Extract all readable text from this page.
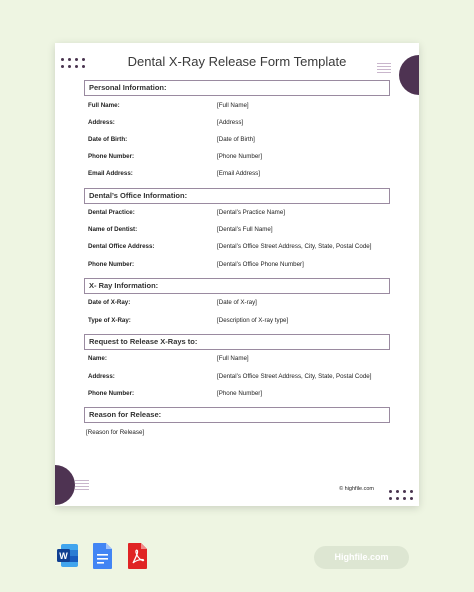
Dental X-Ray Release Form Template
Personal Information:
Full Name:	[Full Name]
Address:	[Address]
Date of Birth:	[Date of Birth]
Phone Number:	[Phone Number]
Email Address:	[Email Address]
Dental’s Office Information:
Dental Practice:	[Dental’s Practice Name]
Name of Dentist:	[Dental’s Full Name]
Dental Office Address:	[Dental’s Office Street Address, City, State, Postal Code]
Phone Number:	[Dental’s Office Phone Number]
X- Ray Information:
Date of X-Ray:	[Date of X-ray]
Type of X-Ray:	[Description of X-ray type]
Request to Release X-Rays to:
Name:	[Full Name]
Address:	[Dental’s Office Street Address, City, State, Postal Code]
Phone Number:	[Phone Number]
Reason for Release:
[Reason for Release]
© highfile.com
W	Highfile.com
